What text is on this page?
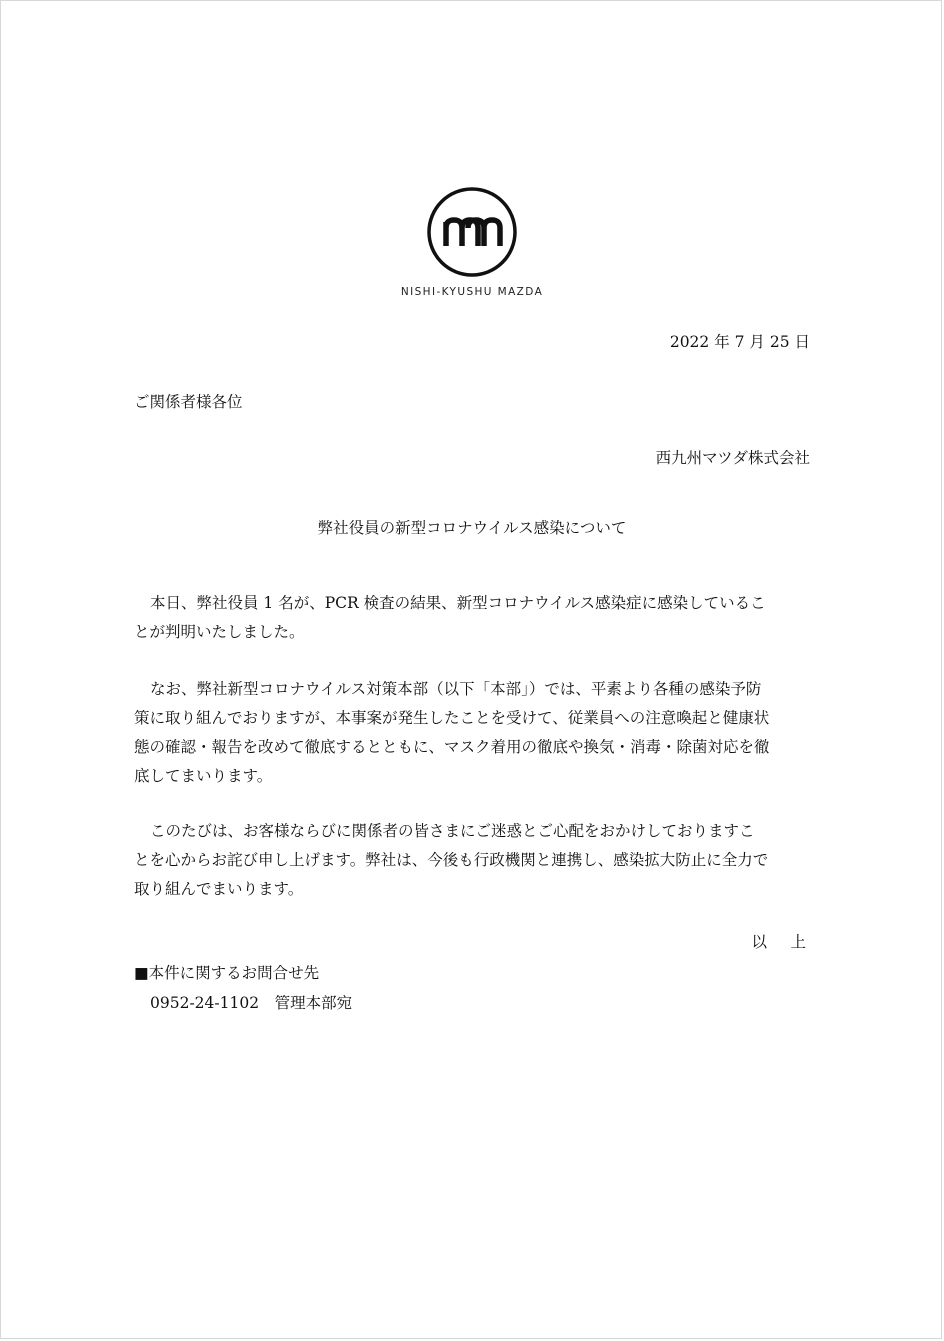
NISHI-KYUSHU MAZDA
2022 年 7 月 25 日
ご関係者様各位
西九州マツダ株式会社
弊社役員の新型コロナウイルス感染について
本日、弊社役員 1 名が、PCR 検査の結果、新型コロナウイルス感染症に感染しているこ
とが判明いたしました。
なお、弊社新型コロナウイルス対策本部（以下「本部」）では、平素より各種の感染予防
策に取り組んでおりますが、本事案が発生したことを受けて、従業員への注意喚起と健康状
態の確認・報告を改めて徹底するとともに、マスク着用の徹底や換気・消毒・除菌対応を徹
底してまいります。
このたびは、お客様ならびに関係者の皆さまにご迷惑とご心配をおかけしておりますこ
とを心からお詫び申し上げます。弊社は、今後も行政機関と連携し、感染拡大防止に全力で
取り組んでまいります。
以　上
■本件に関するお問合せ先
0952-24-1102　管理本部宛
